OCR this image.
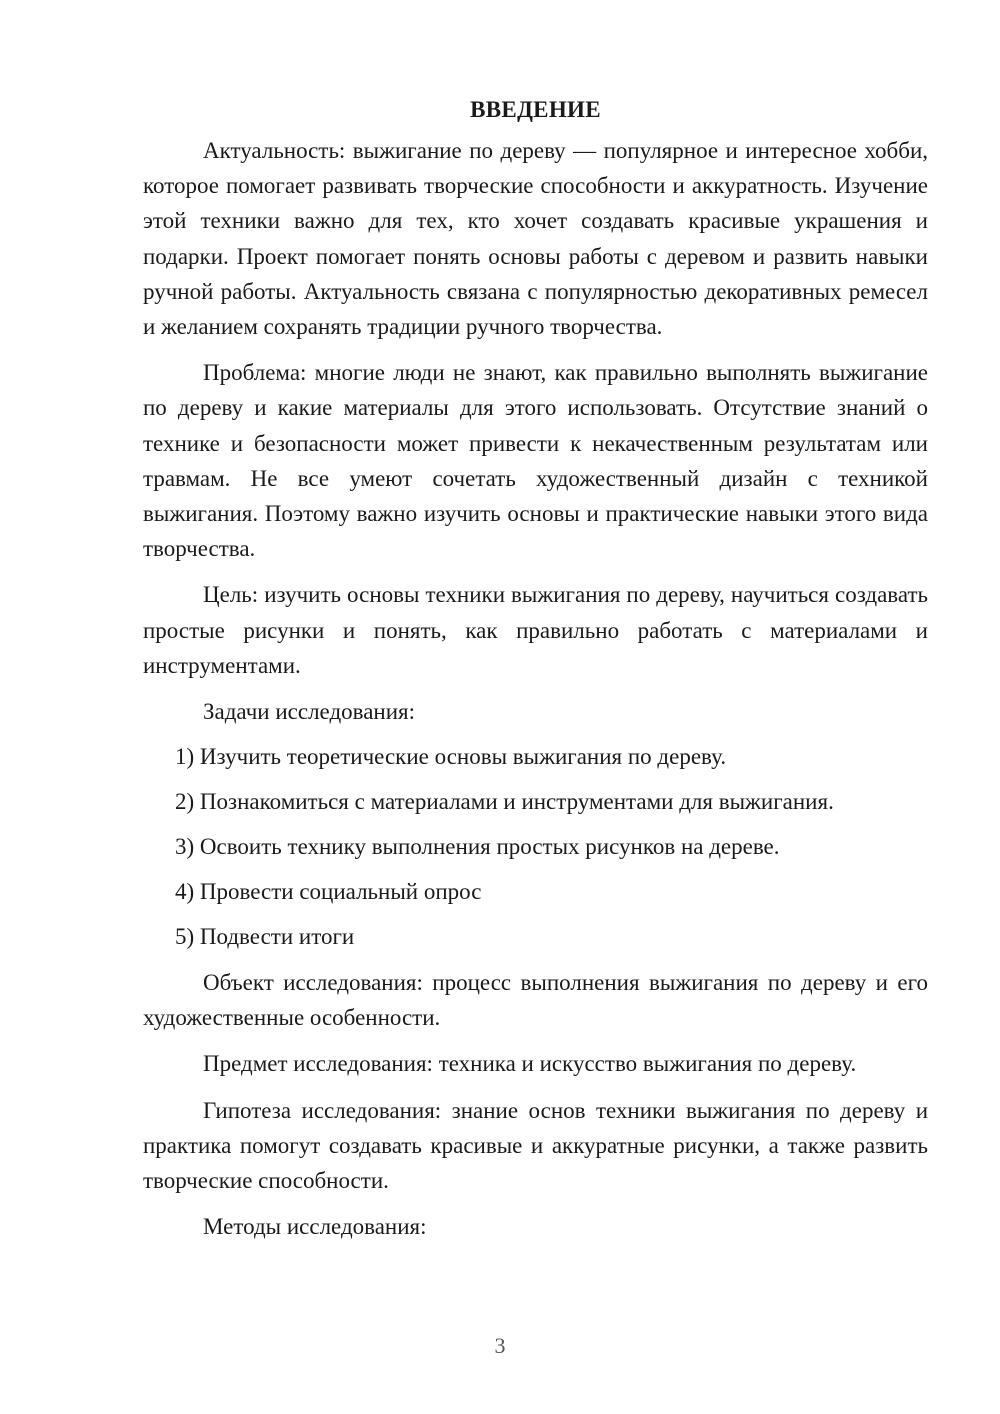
ВВЕДЕНИЕ

Актуальность: выжигание по дереву — популярное и интересное хобби, которое помогает развивать творческие способности и аккуратность. Изучение этой техники важно для тех, кто хочет создавать красивые украшения и подарки. Проект помогает понять основы работы с деревом и развить навыки ручной работы. Актуальность связана с популярностью декоративных ремесел и желанием сохранять традиции ручного творчества.

Проблема: многие люди не знают, как правильно выполнять выжигание по дереву и какие материалы для этого использовать. Отсутствие знаний о технике и безопасности может привести к некачественным результатам или травмам. Не все умеют сочетать художественный дизайн с техникой выжигания. Поэтому важно изучить основы и практические навыки этого вида творчества.

Цель: изучить основы техники выжигания по дереву, научиться создавать простые рисунки и понять, как правильно работать с материалами и инструментами.

Задачи исследования:
1) Изучить теоретические основы выжигания по дереву.
2) Познакомиться с материалами и инструментами для выжигания.
3) Освоить технику выполнения простых рисунков на дереве.
4) Провести социальный опрос
5) Подвести итоги

Объект исследования: процесс выполнения выжигания по дереву и его художественные особенности.

Предмет исследования: техника и искусство выжигания по дереву.

Гипотеза исследования: знание основ техники выжигания по дереву и практика помогут создавать красивые и аккуратные рисунки, а также развить творческие способности.

Методы исследования:
3
